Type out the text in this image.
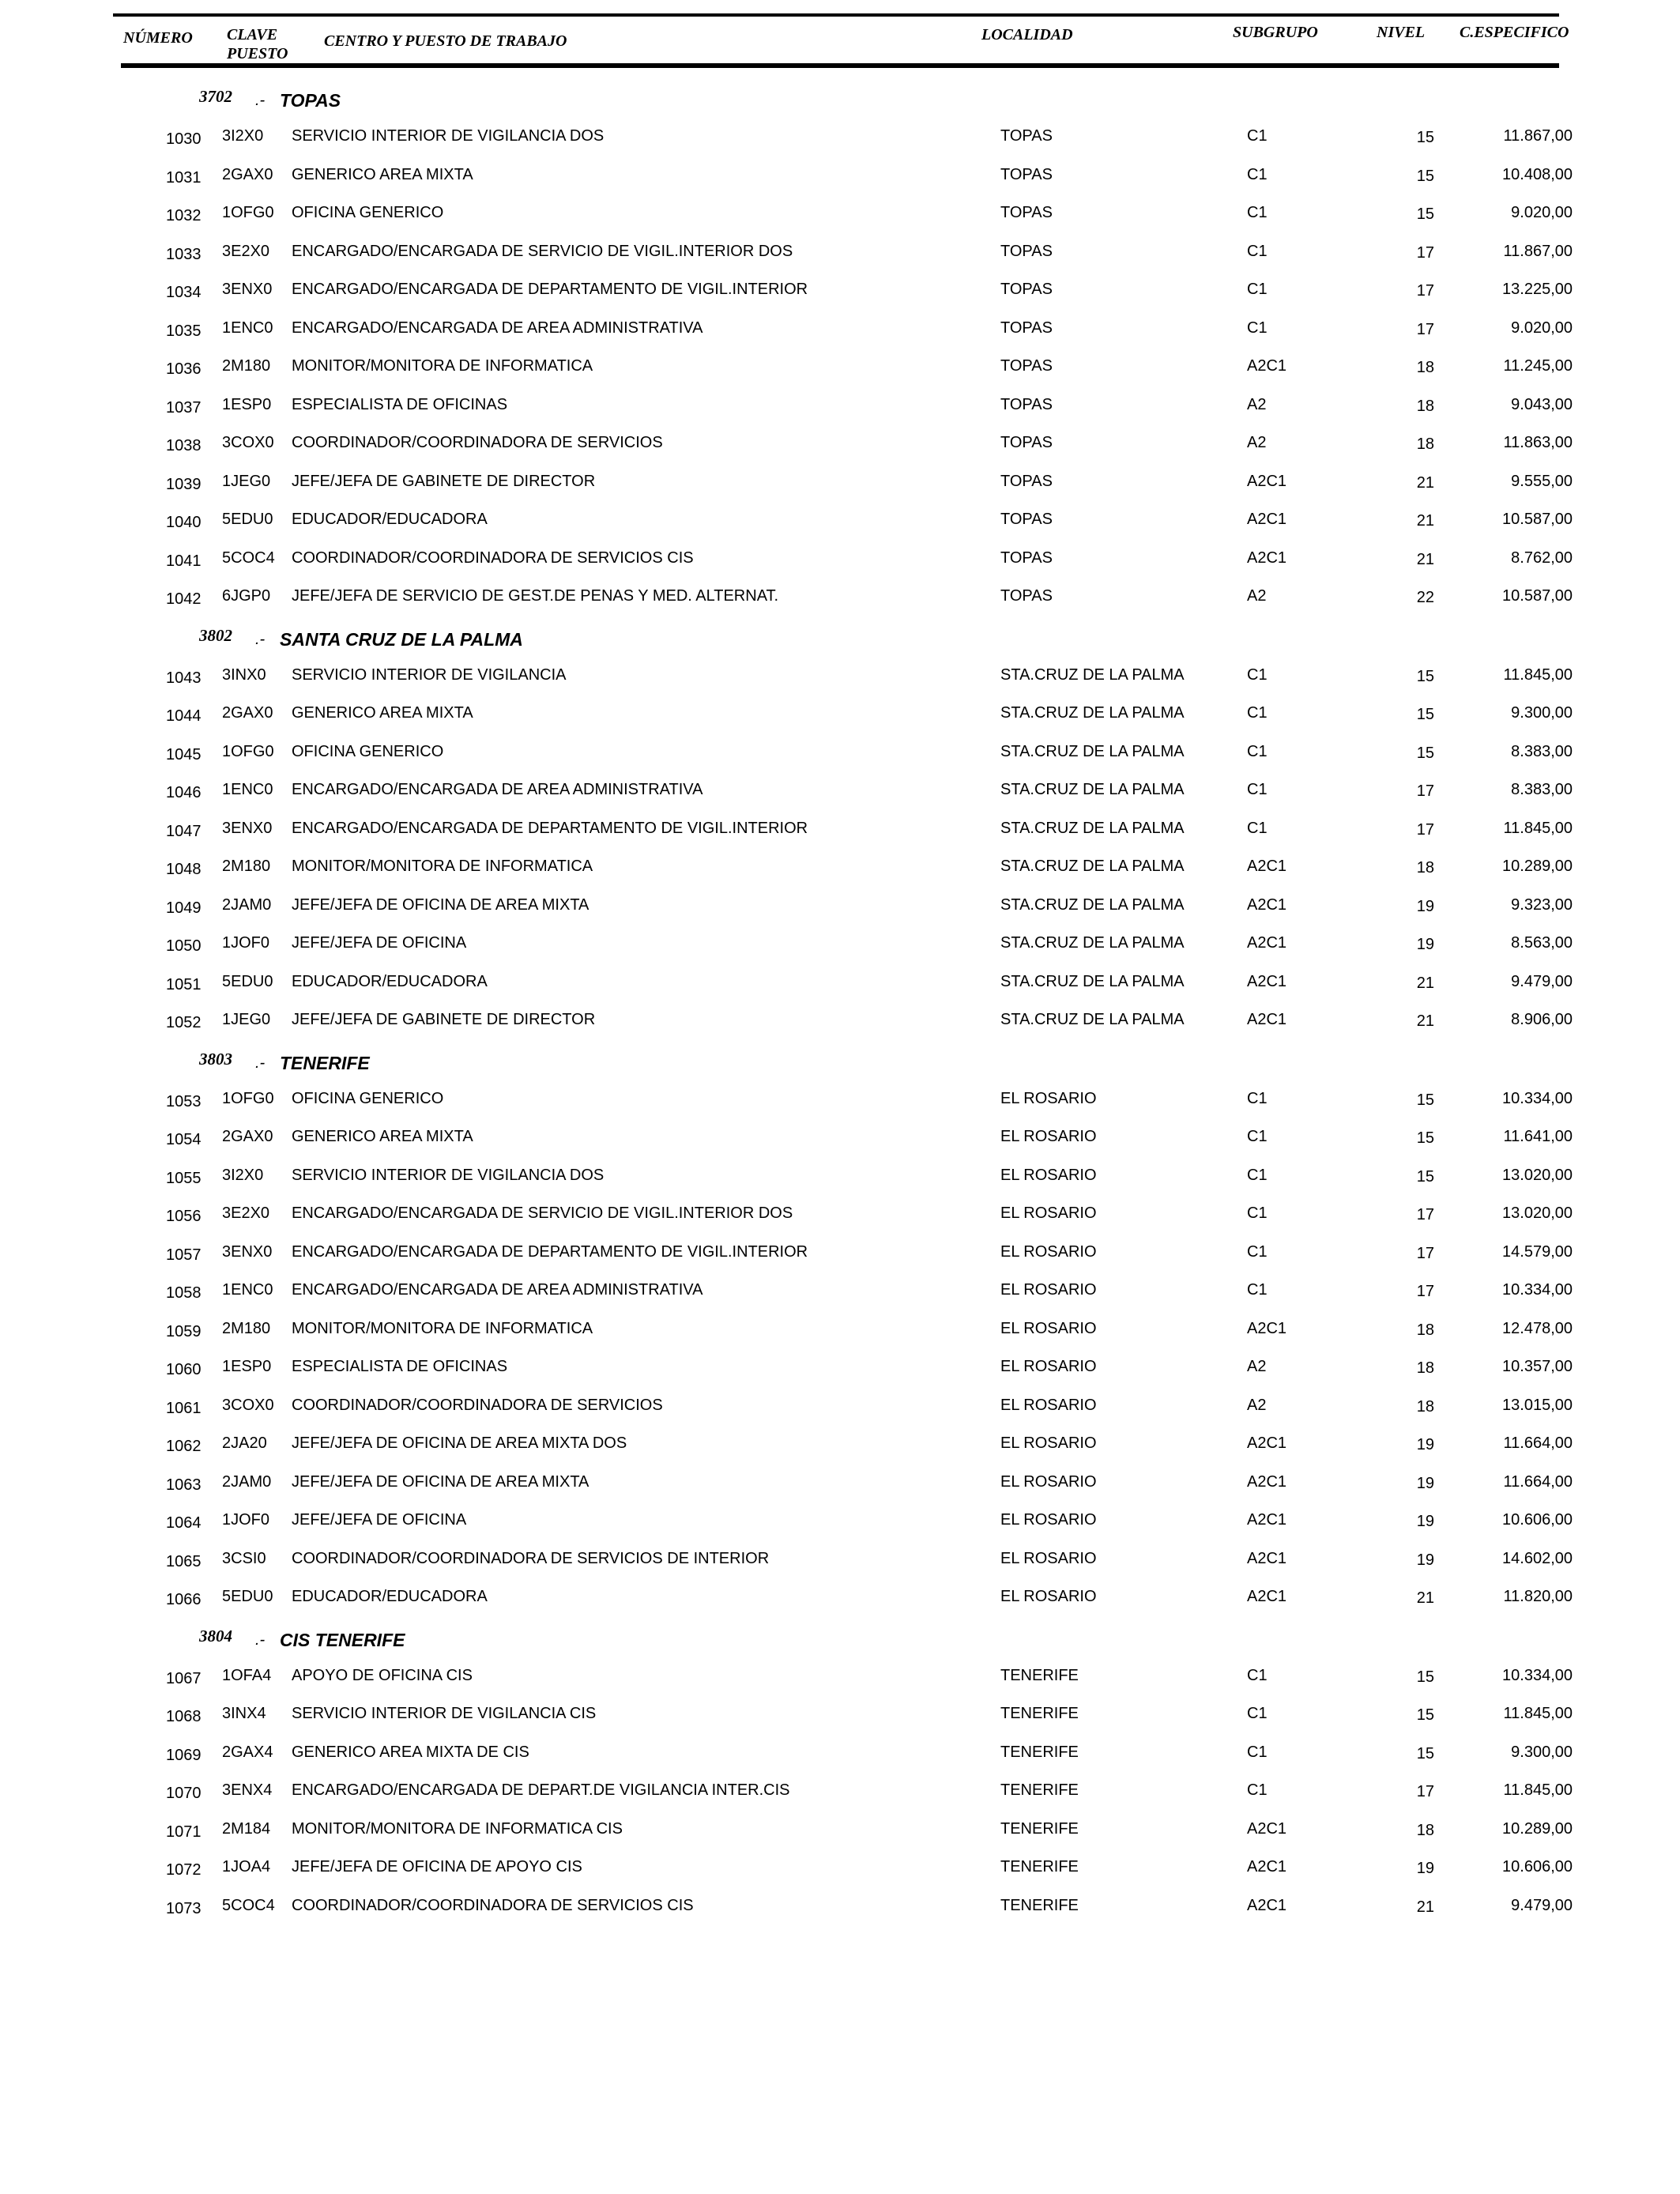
NÚMERO CLAVE
PUESTO
CENTRO Y PUESTO DE TRABAJO	LOCALIDAD	SUBGRUPO	NIVEL C.ESPECIFICO
3702 .- TOPAS
1030 3I2X0 SERVICIO INTERIOR DE VIGILANCIA DOS	TOPAS	C1	15	11.867,00
1031 2GAX0 GENERICO AREA MIXTA	TOPAS	C1	15	10.408,00
1032 1OFG0 OFICINA GENERICO	TOPAS	C1	15	9.020,00
1033 3E2X0 ENCARGADO/ENCARGADA DE SERVICIO DE VIGIL.INTERIOR DOS	TOPAS	C1	17	11.867,00
1034 3ENX0 ENCARGADO/ENCARGADA DE DEPARTAMENTO DE VIGIL.INTERIOR	TOPAS	C1	17	13.225,00
1035 1ENC0 ENCARGADO/ENCARGADA DE AREA ADMINISTRATIVA	TOPAS	C1	17	9.020,00
1036 2M180 MONITOR/MONITORA DE INFORMATICA	TOPAS	A2C1	18	11.245,00
1037 1ESP0 ESPECIALISTA DE OFICINAS	TOPAS	A2	18	9.043,00
1038 3COX0 COORDINADOR/COORDINADORA DE SERVICIOS	TOPAS	A2	18	11.863,00
1039 1JEG0 JEFE/JEFA DE GABINETE DE DIRECTOR	TOPAS	A2C1	21	9.555,00
1040 5EDU0 EDUCADOR/EDUCADORA	TOPAS	A2C1	21	10.587,00
1041 5COC4 COORDINADOR/COORDINADORA DE SERVICIOS CIS	TOPAS	A2C1	21	8.762,00
1042 6JGP0 JEFE/JEFA DE SERVICIO DE GEST.DE PENAS Y MED. ALTERNAT.	TOPAS	A2	22	10.587,00
3802 .- SANTA CRUZ DE LA PALMA
1043 3INX0 SERVICIO INTERIOR DE VIGILANCIA	STA.CRUZ DE LA PALMA	C1	15	11.845,00
1044 2GAX0 GENERICO AREA MIXTA	STA.CRUZ DE LA PALMA	C1	15	9.300,00
1045 1OFG0 OFICINA GENERICO	STA.CRUZ DE LA PALMA	C1	15	8.383,00
1046 1ENC0 ENCARGADO/ENCARGADA DE AREA ADMINISTRATIVA	STA.CRUZ DE LA PALMA	C1	17	8.383,00
1047 3ENX0 ENCARGADO/ENCARGADA DE DEPARTAMENTO DE VIGIL.INTERIOR	STA.CRUZ DE LA PALMA	C1	17	11.845,00
1048 2M180 MONITOR/MONITORA DE INFORMATICA	STA.CRUZ DE LA PALMA	A2C1	18	10.289,00
1049 2JAM0 JEFE/JEFA DE OFICINA DE AREA MIXTA	STA.CRUZ DE LA PALMA	A2C1	19	9.323,00
1050 1JOF0 JEFE/JEFA DE OFICINA	STA.CRUZ DE LA PALMA	A2C1	19	8.563,00
1051 5EDU0 EDUCADOR/EDUCADORA	STA.CRUZ DE LA PALMA	A2C1	21	9.479,00
1052 1JEG0 JEFE/JEFA DE GABINETE DE DIRECTOR	STA.CRUZ DE LA PALMA	A2C1	21	8.906,00
3803 .- TENERIFE
1053 1OFG0 OFICINA GENERICO	EL ROSARIO	C1	15	10.334,00
1054 2GAX0 GENERICO AREA MIXTA	EL ROSARIO	C1	15	11.641,00
1055 3I2X0 SERVICIO INTERIOR DE VIGILANCIA DOS	EL ROSARIO	C1	15	13.020,00
1056 3E2X0 ENCARGADO/ENCARGADA DE SERVICIO DE VIGIL.INTERIOR DOS	EL ROSARIO	C1	17	13.020,00
1057 3ENX0 ENCARGADO/ENCARGADA DE DEPARTAMENTO DE VIGIL.INTERIOR	EL ROSARIO	C1	17	14.579,00
1058 1ENC0 ENCARGADO/ENCARGADA DE AREA ADMINISTRATIVA	EL ROSARIO	C1	17	10.334,00
1059 2M180 MONITOR/MONITORA DE INFORMATICA	EL ROSARIO	A2C1	18	12.478,00
1060 1ESP0 ESPECIALISTA DE OFICINAS	EL ROSARIO	A2	18	10.357,00
1061 3COX0 COORDINADOR/COORDINADORA DE SERVICIOS	EL ROSARIO	A2	18	13.015,00
1062 2JA20 JEFE/JEFA DE OFICINA DE AREA MIXTA DOS	EL ROSARIO	A2C1	19	11.664,00
1063 2JAM0 JEFE/JEFA DE OFICINA DE AREA MIXTA	EL ROSARIO	A2C1	19	11.664,00
1064 1JOF0 JEFE/JEFA DE OFICINA	EL ROSARIO	A2C1	19	10.606,00
1065 3CSI0 COORDINADOR/COORDINADORA DE SERVICIOS DE INTERIOR	EL ROSARIO	A2C1	19	14.602,00
1066 5EDU0 EDUCADOR/EDUCADORA	EL ROSARIO	A2C1	21	11.820,00
3804 .- CIS TENERIFE
1067 1OFA4 APOYO DE OFICINA CIS	TENERIFE	C1	15	10.334,00
1068 3INX4 SERVICIO INTERIOR DE VIGILANCIA CIS	TENERIFE	C1	15	11.845,00
1069 2GAX4 GENERICO AREA MIXTA DE CIS	TENERIFE	C1	15	9.300,00
1070 3ENX4 ENCARGADO/ENCARGADA DE DEPART.DE VIGILANCIA INTER.CIS	TENERIFE	C1	17	11.845,00
1071 2M184 MONITOR/MONITORA DE INFORMATICA CIS	TENERIFE	A2C1	18	10.289,00
1072 1JOA4 JEFE/JEFA DE OFICINA DE APOYO CIS	TENERIFE	A2C1	19	10.606,00
1073 5COC4 COORDINADOR/COORDINADORA DE SERVICIOS CIS	TENERIFE	A2C1	21	9.479,00
